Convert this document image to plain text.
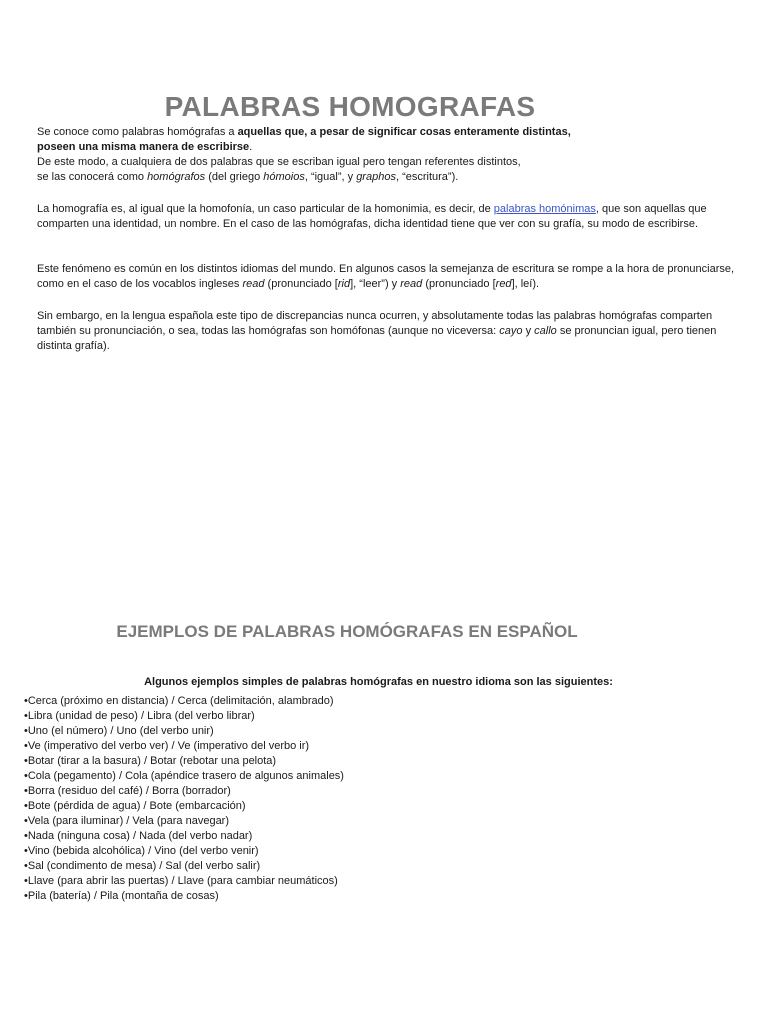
PALABRAS HOMOGRAFAS
Se conoce como palabras homógrafas a aquellas que, a pesar de significar cosas enteramente distintas,
poseen una misma manera de escribirse.
De este modo, a cualquiera de dos palabras que se escriban igual pero tengan referentes distintos,
se las conocerá como homógrafos (del griego hómoios, “igual”, y graphos, “escritura”).

La homografía es, al igual que la homofonía, un caso particular de la homonimia, es decir, de palabras homónimas, que son aquellas que comparten una identidad, un nombre. En el caso de las homógrafas, dicha identidad tiene que ver con su grafía, su modo de escribirse.

Este fenómeno es común en los distintos idiomas del mundo. En algunos casos la semejanza de escritura se rompe a la hora de pronunciarse, como en el caso de los vocablos ingleses read (pronunciado [rid], “leer”) y read (pronunciado [red], leí).

Sin embargo, en la lengua española este tipo de discrepancias nunca ocurren, y absolutamente todas las palabras homógrafas comparten también su pronunciación, o sea, todas las homógrafas son homófonas (aunque no viceversa: cayo y callo se pronuncian igual, pero tienen distinta grafía).

EJEMPLOS DE PALABRAS HOMÓGRAFAS EN ESPAÑOL

Algunos ejemplos simples de palabras homógrafas en nuestro idioma son las siguientes:

•Cerca (próximo en distancia) / Cerca (delimitación, alambrado)
•Libra (unidad de peso) / Libra (del verbo librar)
•Uno (el número) / Uno (del verbo unir)
•Ve (imperativo del verbo ver) / Ve (imperativo del verbo ir)
•Botar (tirar a la basura) / Botar (rebotar una pelota)
•Cola (pegamento) / Cola (apéndice trasero de algunos animales)
•Borra (residuo del café) / Borra (borrador)
•Bote (pérdida de agua) / Bote (embarcación)
•Vela (para iluminar) / Vela (para navegar)
•Nada (ninguna cosa) / Nada (del verbo nadar)
•Vino (bebida alcohólica) / Vino (del verbo venir)
•Sal (condimento de mesa) / Sal (del verbo salir)
•Llave (para abrir las puertas) / Llave (para cambiar neumáticos)
•Pila (batería) / Pila (montaña de cosas)
